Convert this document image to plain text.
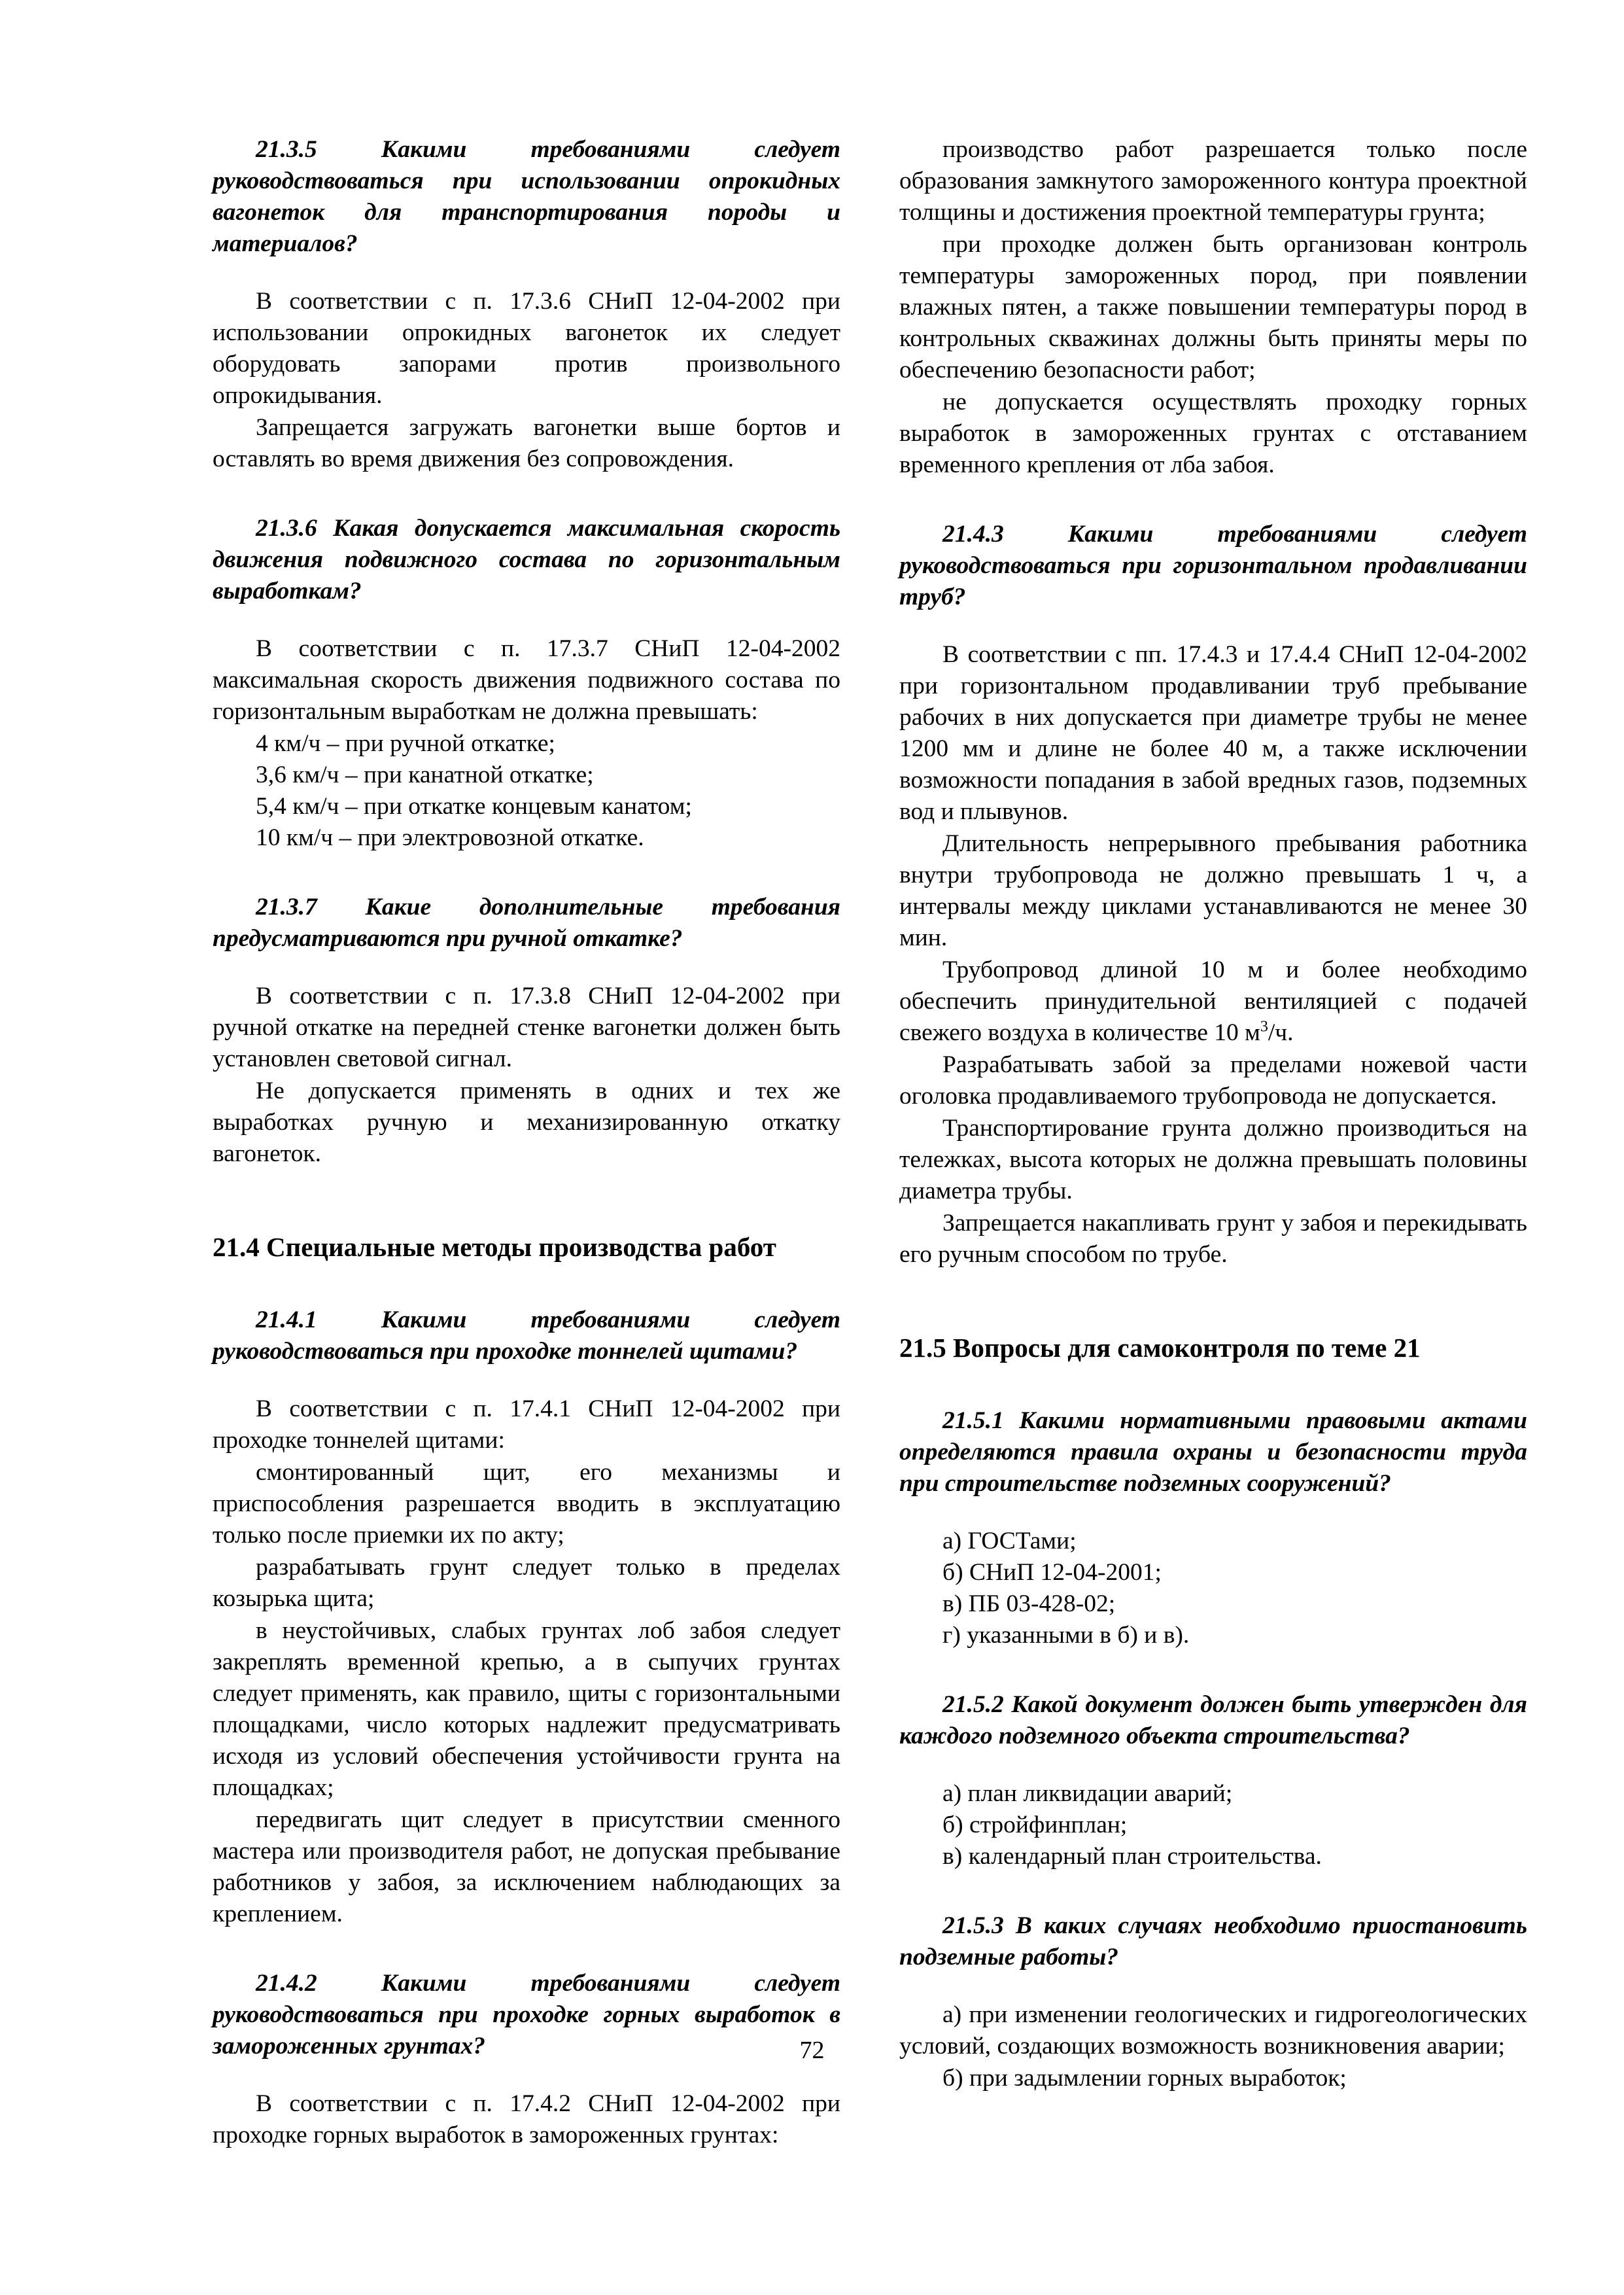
21.3.5 Какими требованиями следует руководствоваться при использовании опрокидных вагонеток для транспортирования породы и материалов?

В соответствии с п. 17.3.6 СНиП 12-04-2002 при использовании опрокидных вагонеток их следует оборудовать запорами против произвольного опрокидывания.

Запрещается загружать вагонетки выше бортов и оставлять во время движения без сопровождения.

21.3.6 Какая допускается максимальная скорость движения подвижного состава по горизонтальным выработкам?

В соответствии с п. 17.3.7 СНиП 12-04-2002 максимальная скорость движения подвижного состава по горизонтальным выработкам не должна превышать:

4 км/ч – при ручной откатке;
3,6 км/ч – при канатной откатке;
5,4 км/ч – при откатке концевым канатом;
10 км/ч – при электровозной откатке.
21.3.7 Какие дополнительные требования предусматриваются при ручной откатке?

В соответствии с п. 17.3.8 СНиП 12-04-2002 при ручной откатке на передней стенке вагонетки должен быть установлен световой сигнал.

Не допускается применять в одних и тех же выработках ручную и механизированную откатку вагонеток.

21.4 Специальные методы производства работ
21.4.1 Какими требованиями следует руководствоваться при проходке тоннелей щитами?

В соответствии с п. 17.4.1 СНиП 12-04-2002 при проходке тоннелей щитами:

смонтированный щит, его механизмы и приспособления разрешается вводить в эксплуатацию только после приемки их по акту;

разрабатывать грунт следует только в пределах козырька щита;

в неустойчивых, слабых грунтах лоб забоя следует закреплять временной крепью, а в сыпучих грунтах следует применять, как правило, щиты с горизонтальными площадками, число которых надлежит предусматривать исходя из условий обеспечения устойчивости грунта на площадках;

передвигать щит следует в присутствии сменного мастера или производителя работ, не допуская пребывание работников у забоя, за исключением наблюдающих за креплением.

21.4.2 Какими требованиями следует руководствоваться при проходке горных выработок в замороженных грунтах?

В соответствии с п. 17.4.2 СНиП 12-04-2002 при проходке горных выработок в замороженных грунтах:

производство работ разрешается только после образования замкнутого замороженного контура проектной толщины и достижения проектной температуры грунта;

при проходке должен быть организован контроль температуры замороженных пород, при появлении влажных пятен, а также повышении температуры пород в контрольных скважинах должны быть приняты меры по обеспечению безопасности работ;

не допускается осуществлять проходку горных выработок в замороженных грунтах с отставанием временного крепления от лба забоя.

21.4.3 Какими требованиями следует руководствоваться при горизонтальном продавливании труб?

В соответствии с пп. 17.4.3 и 17.4.4 СНиП 12-04-2002 при горизонтальном продавливании труб пребывание рабочих в них допускается при диаметре трубы не менее 1200 мм и длине не более 40 м, а также исключении возможности попадания в забой вредных газов, подземных вод и плывунов.

Длительность непрерывного пребывания работника внутри трубопровода не должно превышать 1 ч, а интервалы между циклами устанавливаются не менее 30 мин.

Трубопровод длиной 10 м и более необходимо обеспечить принудительной вентиляцией с подачей свежего воздуха в количестве 10 $м^3/ч$.

Разрабатывать забой за пределами ножевой части оголовка продавливаемого трубопровода не допускается.

Транспортирование грунта должно производиться на тележках, высота которых не должна превышать половины диаметра трубы.

Запрещается накапливать грунт у забоя и перекидывать его ручным способом по трубе.

21.5 Вопросы для самоконтроля по теме 21
21.5.1 Какими нормативными правовыми актами определяются правила охраны и безопасности труда при строительстве подземных сооружений?
а) ГОСТами;
б) СНиП 12-04-2001;
в) ПБ 03-428-02;
г) указанными в б) и в).
21.5.2 Какой документ должен быть утвержден для каждого подземного объекта строительства?
а) план ликвидации аварий;
б) стройфинплан;
в) календарный план строительства.
21.5.3 В каких случаях необходимо приостановить подземные работы?

а) при изменении геологических и гидрогеологических условий, создающих возможность возникновения аварии;

б) при задымлении горных выработок;

72
